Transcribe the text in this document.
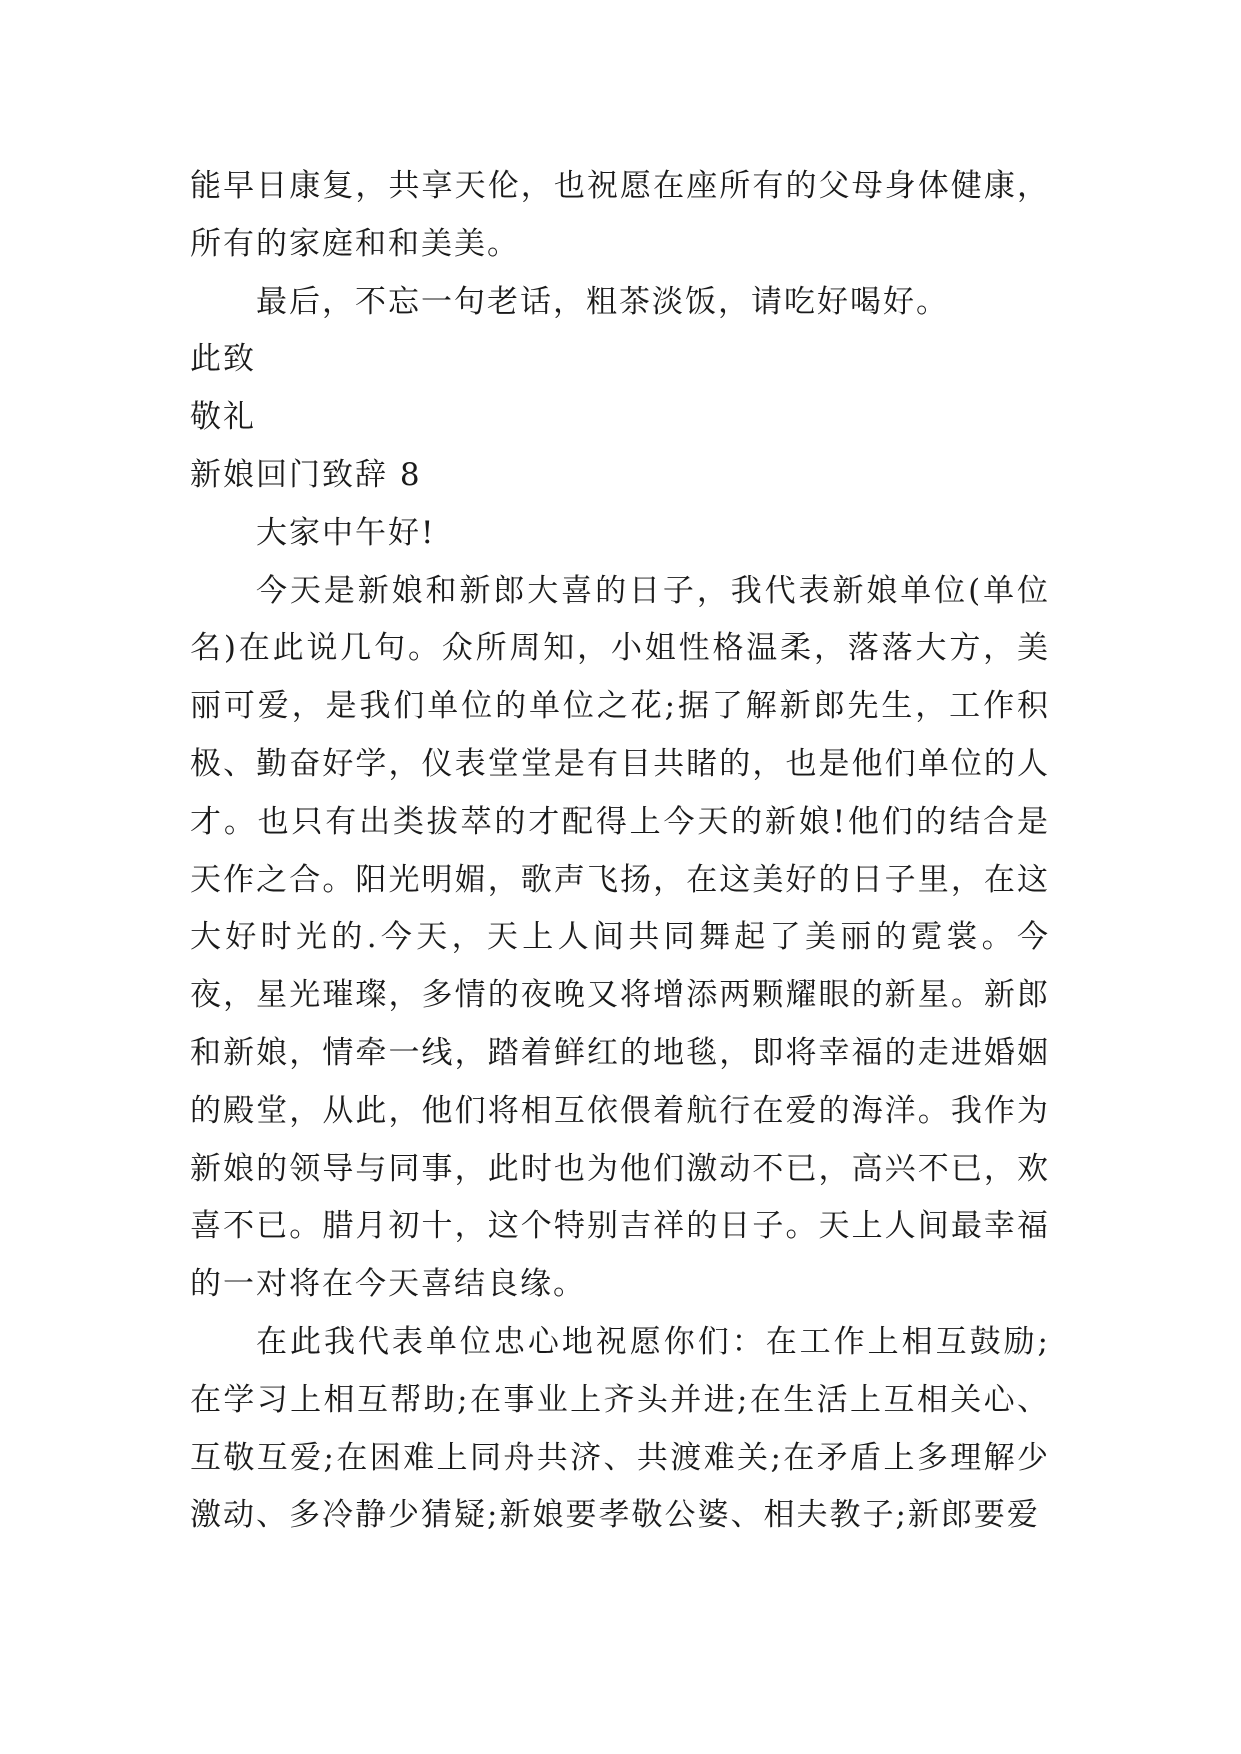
能早日康复，共享天伦，也祝愿在座所有的父母身体健康，所有的家庭和和美美。

最后，不忘一句老话，粗茶淡饭，请吃好喝好。

此致

敬礼

新娘回门致辞 8

大家中午好!

今天是新娘和新郎大喜的日子，我代表新娘单位(单位名)在此说几句。众所周知，小姐性格温柔，落落大方，美丽可爱，是我们单位的单位之花;据了解新郎先生，工作积极、勤奋好学，仪表堂堂是有目共睹的，也是他们单位的人才。也只有出类拔萃的才配得上今天的新娘!他们的结合是天作之合。阳光明媚，歌声飞扬，在这美好的日子里，在这大好时光的.今天，天上人间共同舞起了美丽的霓裳。今夜，星光璀璨，多情的夜晚又将增添两颗耀眼的新星。新郎和新娘，情牵一线，踏着鲜红的地毯，即将幸福的走进婚姻的殿堂，从此，他们将相互依偎着航行在爱的海洋。我作为新娘的领导与同事，此时也为他们激动不已，高兴不已，欢喜不已。腊月初十，这个特别吉祥的日子。天上人间最幸福的一对将在今天喜结良缘。

在此我代表单位忠心地祝愿你们：在工作上相互鼓励;在学习上相互帮助;在事业上齐头并进;在生活上互相关心、互敬互爱;在困难上同舟共济、共渡难关;在矛盾上多理解少激动、多冷静少猜疑;新娘要孝敬公婆、相夫教子;新郎要爱
